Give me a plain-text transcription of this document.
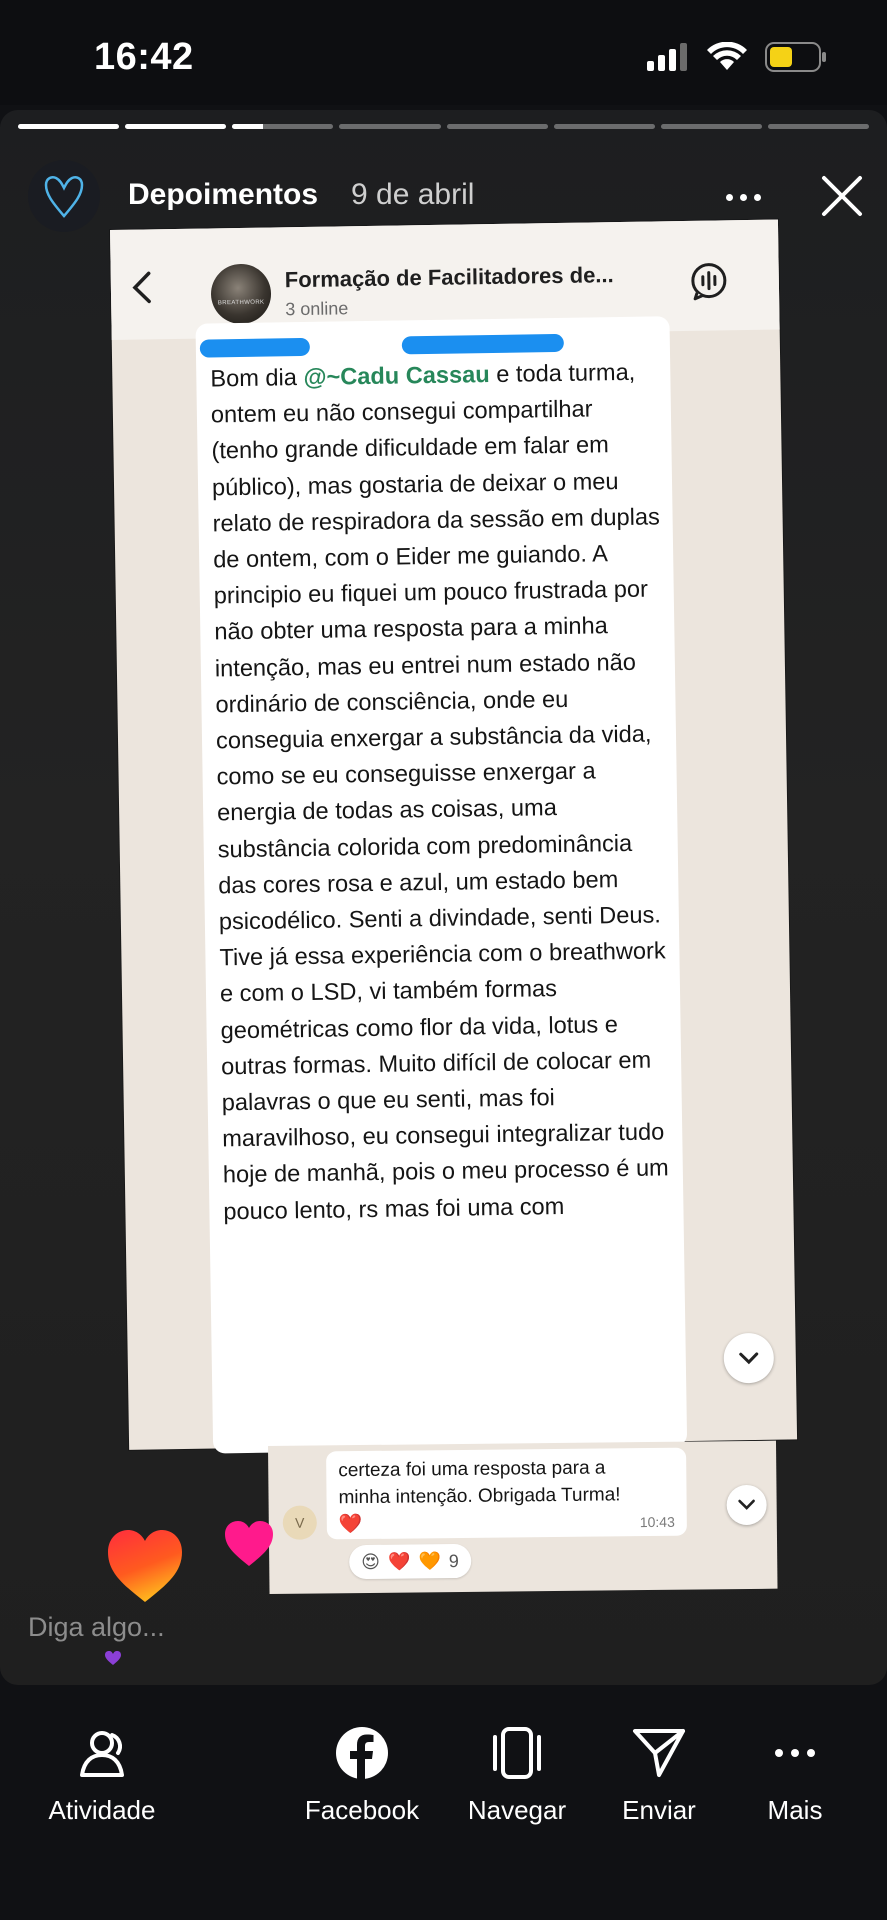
16:42
Depoimentos 9 de abril
BREATHWORK
Formação de Facilitadores de...
3 online
Bom dia @~Cadu Cassau e toda turma, ontem eu não consegui compartilhar (tenho grande dificuldade em falar em público), mas gostaria de deixar o meu relato de respiradora da sessão em duplas de ontem, com o Eider me guiando. A principio eu fiquei um pouco frustrada por não obter uma resposta para a minha intenção, mas eu entrei num estado não ordinário de consciência, onde eu conseguia enxergar a substância da vida, como se eu conseguisse enxergar a energia de todas as coisas, uma substância colorida com predominância das cores rosa e azul, um estado bem psicodélico. Senti a divindade, senti Deus. Tive já essa experiência com o breathwork e com o LSD, vi também formas geométricas como flor da vida, lotus e outras formas. Muito difícil de colocar em palavras o que eu senti, mas foi maravilhoso, eu consegui integralizar tudo hoje de manhã, pois o meu processo é um pouco lento, rs mas foi uma com
certeza foi uma resposta para a minha intenção. Obrigada Turma!
❤️	10:43
V
😍 ❤️ 🧡 9
Diga algo...
Atividade	Facebook Navegar Enviar	Mais
